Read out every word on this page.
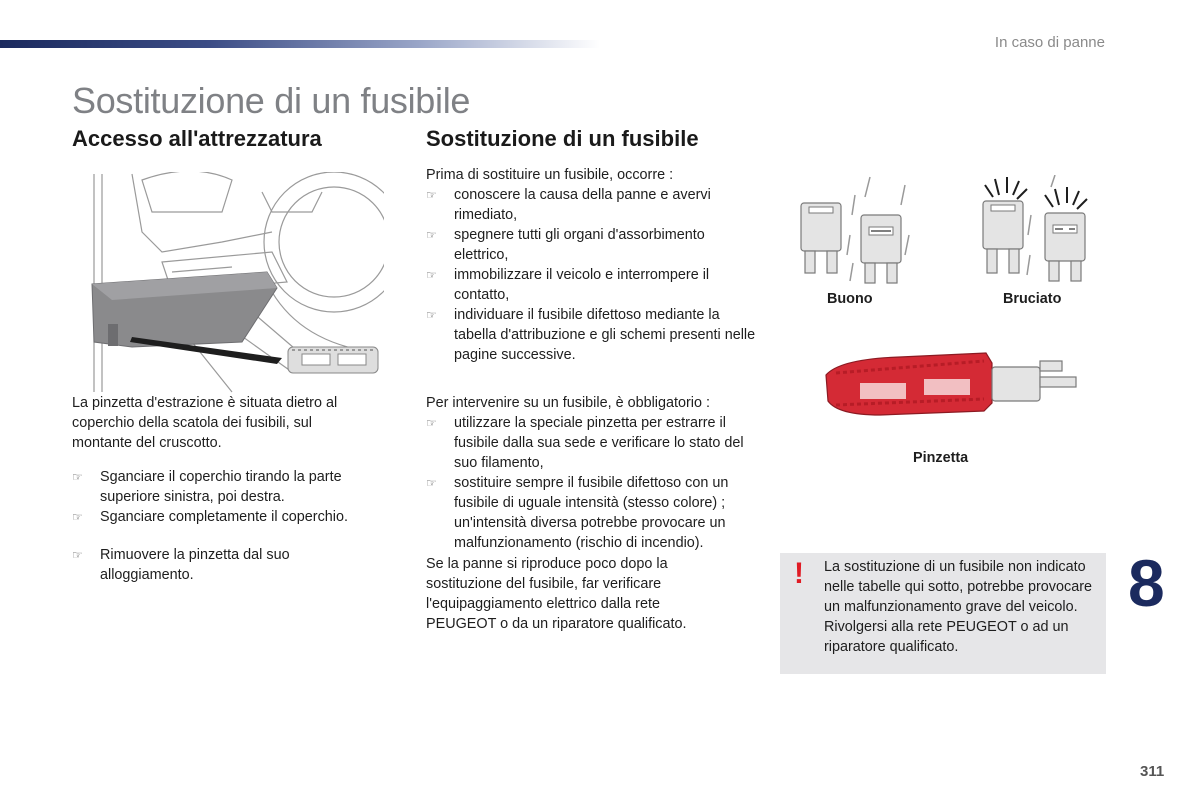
In caso di panne
Sostituzione di un fusibile
Accesso all'attrezzatura

La pinzetta d'estrazione è situata dietro al coperchio della scatola dei fusibili, sul montante del cruscotto.

☞ Sganciare il coperchio tirando la parte superiore sinistra, poi destra.
☞ Sganciare completamente il coperchio.
☞ Rimuovere la pinzetta dal suo alloggiamento.
Sostituzione di un fusibile

Prima di sostituire un fusibile, occorre :

☞ conoscere la causa della panne e avervi rimediato,
☞ spegnere tutti gli organi d'assorbimento elettrico,
☞ immobilizzare il veicolo e interrompere il contatto,
☞ individuare il fusibile difettoso mediante la tabella d'attribuzione e gli schemi presenti nelle pagine successive.

Per intervenire su un fusibile, è obbligatorio :

☞ utilizzare la speciale pinzetta per estrarre il fusibile dalla sua sede e verificare lo stato del suo filamento,
☞ sostituire sempre il fusibile difettoso con un fusibile di uguale intensità (stesso colore) ; un'intensità diversa potrebbe provocare un malfunzionamento (rischio di incendio).

Se la panne si riproduce poco dopo la sostituzione del fusibile, far verificare l'equipaggiamento elettrico dalla rete PEUGEOT o da un riparatore qualificato.

Buono	Bruciato
Pinzetta
! La sostituzione di un fusibile non indicato nelle tabelle qui sotto, potrebbe provocare un malfunzionamento grave del veicolo. Rivolgersi alla rete PEUGEOT o ad un riparatore qualificato.
8
311
